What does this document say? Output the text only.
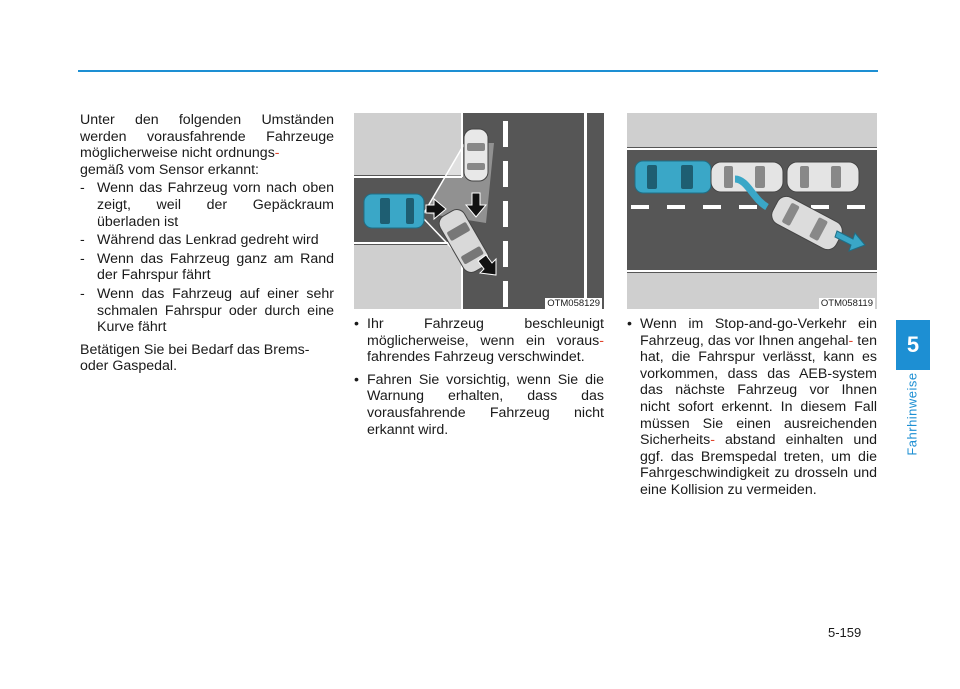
Unter den folgenden Umständen werden vorausfahrende Fahrzeuge möglicherweise nicht ordnungs-
gemäß vom Sensor erkannt:

- Wenn das Fahrzeug vorn nach oben zeigt, weil der Gepäckraum überladen ist
- Während das Lenkrad gedreht wird
- Wenn das Fahrzeug ganz am Rand der Fahrspur fährt
- Wenn das Fahrzeug auf einer sehr schmalen Fahrspur oder durch eine Kurve fährt

Betätigen Sie bei Bedarf das Brems- oder Gaspedal.

OTM058129	OTM058119
• Ihr Fahrzeug beschleunigt möglicherweise, wenn ein voraus- fahrendes Fahrzeug verschwindet.
• Fahren Sie vorsichtig, wenn Sie die Warnung erhalten, dass das vorausfahrende Fahrzeug nicht erkannt wird.
• Wenn im Stop-and-go-Verkehr ein Fahrzeug, das vor Ihnen angehal- ten hat, die Fahrspur verlässt, kann es vorkommen, dass das AEB-system das nächste Fahrzeug vor Ihnen nicht sofort erkennt. In diesem Fall müssen Sie einen ausreichenden Sicherheits- abstand einhalten und ggf. das Bremspedal treten, um die Fahrgeschwindigkeit zu drosseln und eine Kollision zu vermeiden.
5
Fahrhinweise
5-159
